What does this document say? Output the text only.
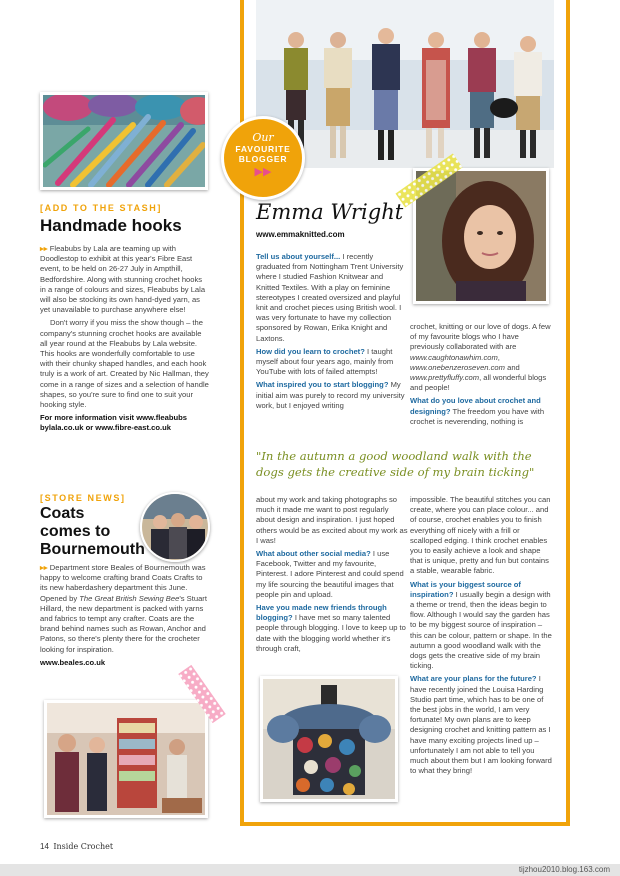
[ADD TO THE STASH]
Handmade hooks

▸▸ Fleabubs by Lala are teaming up with Doodlestop to exhibit at this year's Fibre East event, to be held on 26-27 July in Ampthill, Bedfordshire. Along with stunning crochet hooks in a range of colours and sizes, Fleabubs by Lala will also be stocking its own hand-dyed yarn, as yet unavailable to purchase anywhere else!

Don't worry if you miss the show though – the company's stunning crochet hooks are available all year round at the Fleabubs by Lala website. This hooks are wonderfully comfortable to use with their chunky shaped handles, and each hook truly is a work of art. Created by Nic Hallman, they come in a range of sizes and a selection of handle shapes, so you're sure to find one to suit your hooking style.

For more information visit www.fleabubs bylala.co.uk or www.fibre-east.co.uk

[STORE NEWS]
Coats
comes to
Bournemouth

▸▸ Department store Beales of Bournemouth was happy to welcome crafting brand Coats Crafts to its new haberdashery department this June. Opened by The Great British Sewing Bee's Stuart Hillard, the new department is packed with yarns and fabrics to tempt any crafter. Coats are the brand behind names such as Rowan, Anchor and Patons, so there's plenty there for the crocheter looking for inspiration.

www.beales.co.uk

Our
FAVOURITE
BLOGGER
▶▶
Emma Wright
www.emmaknitted.com

Tell us about yourself... I recently graduated from Nottingham Trent University where I studied Fashion Knitwear and Knitted Textiles. With a play on feminine stereotypes I created oversized and playful knit and crochet pieces using British wool. I was very fortunate to have my collection sponsored by Rowan, Erika Knight and Laxtons.

How did you learn to crochet? I taught myself about four years ago, mainly from YouTube with lots of failed attempts!

What inspired you to start blogging? My initial aim was purely to record my university work, but I enjoyed writing

crochet, knitting or our love of dogs. A few of my favourite blogs who I have previously collaborated with are www.caughtonawhim.com, www.onebenzeroseven.com and www.prettyfluffy.com, all wonderful blogs and people!

What do you love about crochet and designing? The freedom you have with crochet is neverending, nothing is

"In the autumn a good woodland walk with the dogs gets the creative side of my brain ticking"

about my work and taking photographs so much it made me want to post regularly about design and inspiration. I just hoped others would be as excited about my work as I was!

What about other social media? I use Facebook, Twitter and my favourite, Pinterest. I adore Pinterest and could spend my life sourcing the beautiful images that people pin and upload.

Have you made new friends through blogging? I have met so many talented people through blogging. I love to keep up to date with the blogging world whether it's through craft,

impossible. The beautiful stitches you can create, where you can place colour... and of course, crochet enables you to finish everything off nicely with a frill or scalloped edging. I think crochet enables you to easily achieve a look and shape that is unique, pretty and fun but contains a stable, wearable fabric.

What is your biggest source of inspiration? I usually begin a design with a theme or trend, then the ideas begin to flow. Although I would say the garden has to be my biggest source of inspiration – this can be colour, pattern or shape. In the autumn a good woodland walk with the dogs gets the creative side of my brain ticking.

What are your plans for the future? I have recently joined the Louisa Harding Studio part time, which has to be one of the best jobs in the world, I am very fortunate! My own plans are to keep designing crochet and knitting pattern as I have many exciting projects lined up – unfortunately I am not able to tell you much about them but I am looking forward to what they bring!

14 Inside Crochet
tijzhou2010.blog.163.com
